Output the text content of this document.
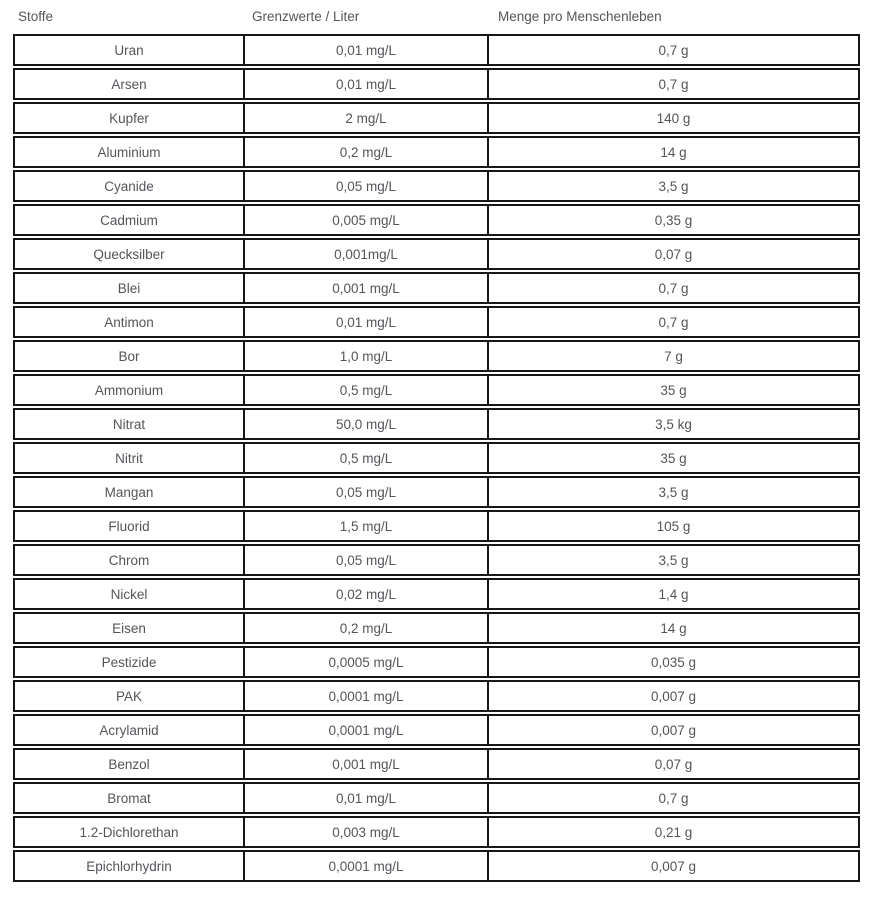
Stoffe	Grenzwerte / Liter	Menge pro Menschenleben
Uran	0,01 mg/L	0,7 g
Arsen	0,01 mg/L	0,7 g
Kupfer	2 mg/L	140 g
Aluminium	0,2 mg/L	14 g
Cyanide	0,05 mg/L	3,5 g
Cadmium	0,005 mg/L	0,35 g
Quecksilber	0,001mg/L	0,07 g
Blei	0,001 mg/L	0,7 g
Antimon	0,01 mg/L	0,7 g
Bor	1,0 mg/L	7 g
Ammonium	0,5 mg/L	35 g
Nitrat	50,0 mg/L	3,5 kg
Nitrit	0,5 mg/L	35 g
Mangan	0,05 mg/L	3,5 g
Fluorid	1,5 mg/L	105 g
Chrom	0,05 mg/L	3,5 g
Nickel	0,02 mg/L	1,4 g
Eisen	0,2 mg/L	14 g
Pestizide	0,0005 mg/L	0,035 g
PAK	0,0001 mg/L	0,007 g
Acrylamid	0,0001 mg/L	0,007 g
Benzol	0,001 mg/L	0,07 g
Bromat	0,01 mg/L	0,7 g
1.2-Dichlorethan	0,003 mg/L	0,21 g
Epichlorhydrin	0,0001 mg/L	0,007 g
